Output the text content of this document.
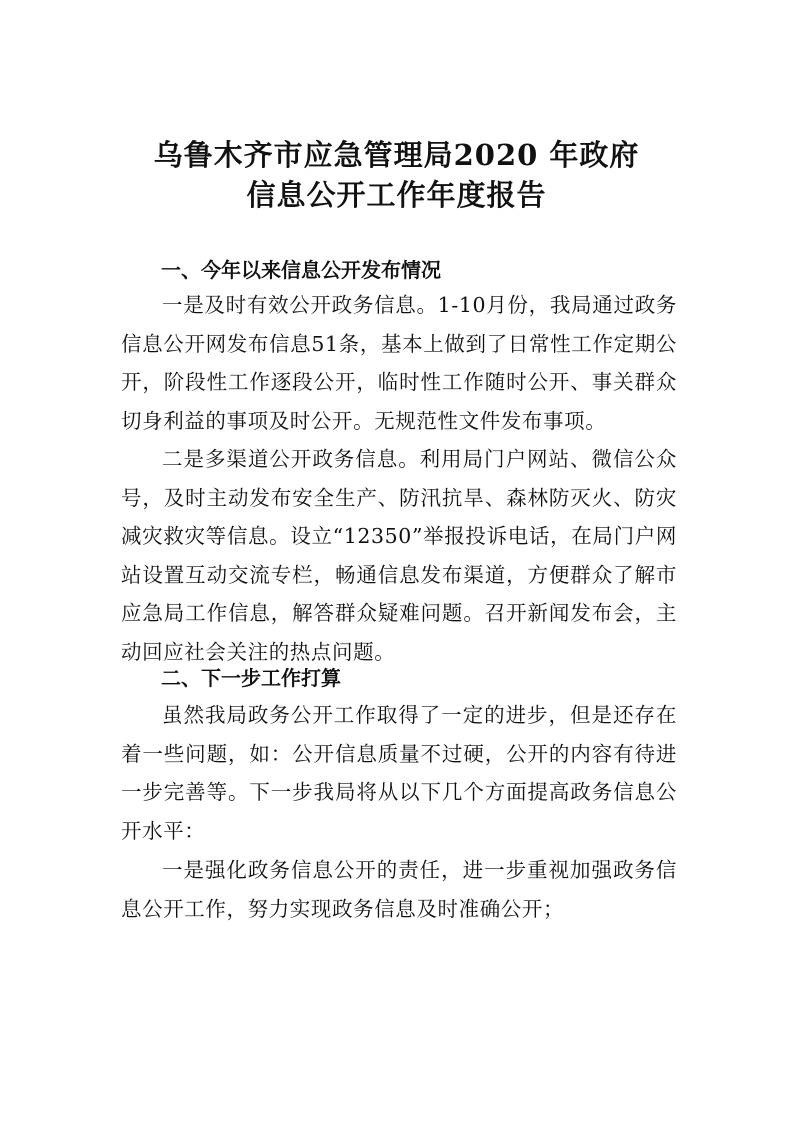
乌鲁木齐市应急管理局2020 年政府
信息公开工作年度报告
一、今年以来信息公开发布情况

一是及时有效公开政务信息。1-10月份，我局通过政务信息公开网发布信息51条，基本上做到了日常性工作定期公开，阶段性工作逐段公开，临时性工作随时公开、事关群众切身利益的事项及时公开。无规范性文件发布事项。

二是多渠道公开政务信息。利用局门户网站、微信公众号，及时主动发布安全生产、防汛抗旱、森林防灭火、防灾减灾救灾等信息。设立“12350”举报投诉电话，在局门户网站设置互动交流专栏，畅通信息发布渠道，方便群众了解市应急局工作信息，解答群众疑难问题。召开新闻发布会，主动回应社会关注的热点问题。

二、下一步工作打算

虽然我局政务公开工作取得了一定的进步，但是还存在着一些问题，如：公开信息质量不过硬，公开的内容有待进一步完善等。下一步我局将从以下几个方面提高政务信息公开水平：

一是强化政务信息公开的责任，进一步重视加强政务信息公开工作，努力实现政务信息及时准确公开；
